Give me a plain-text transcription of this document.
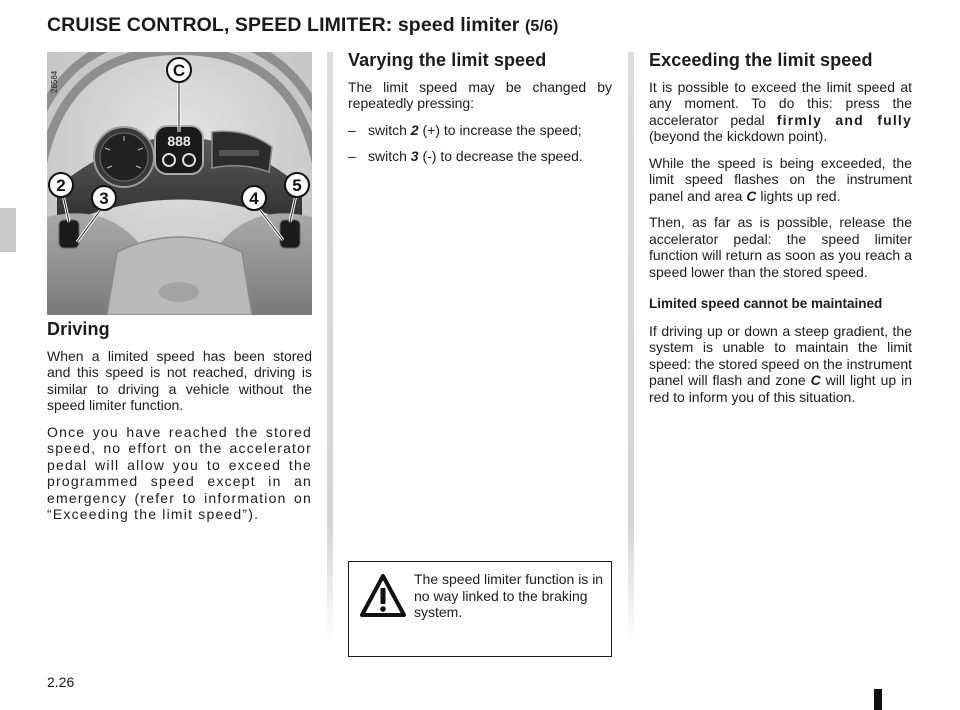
CRUISE CONTROL, SPEED LIMITER: speed limiter (5/6)
888
C
2
3	4
5
28584
Driving

When a limited speed has been stored and this speed is not reached, driving is similar to driving a vehicle without the speed limiter function.

Once you have reached the stored speed, no effort on the accelerator pedal will allow you to exceed the programmed speed except in an emergency (refer to information on “Exceeding the limit speed”).

Varying the limit speed

The limit speed may be changed by repeatedly pressing:

– switch 2 (+) to increase the speed;
– switch 3 (-) to decrease the speed.
The speed limiter function is in no way linked to the braking system.
Exceeding the limit speed

It is possible to exceed the limit speed at any moment. To do this: press the accelerator pedal firmly and fully (beyond the kickdown point).

While the speed is being exceeded, the limit speed flashes on the instrument panel and area C lights up red.

Then, as far as is possible, release the accelerator pedal: the speed limiter function will return as soon as you reach a speed lower than the stored speed.

Limited speed cannot be maintained

If driving up or down a steep gradient, the system is unable to maintain the limit speed: the stored speed on the instrument panel will flash and zone C will light up in red to inform you of this situation.

2.26
